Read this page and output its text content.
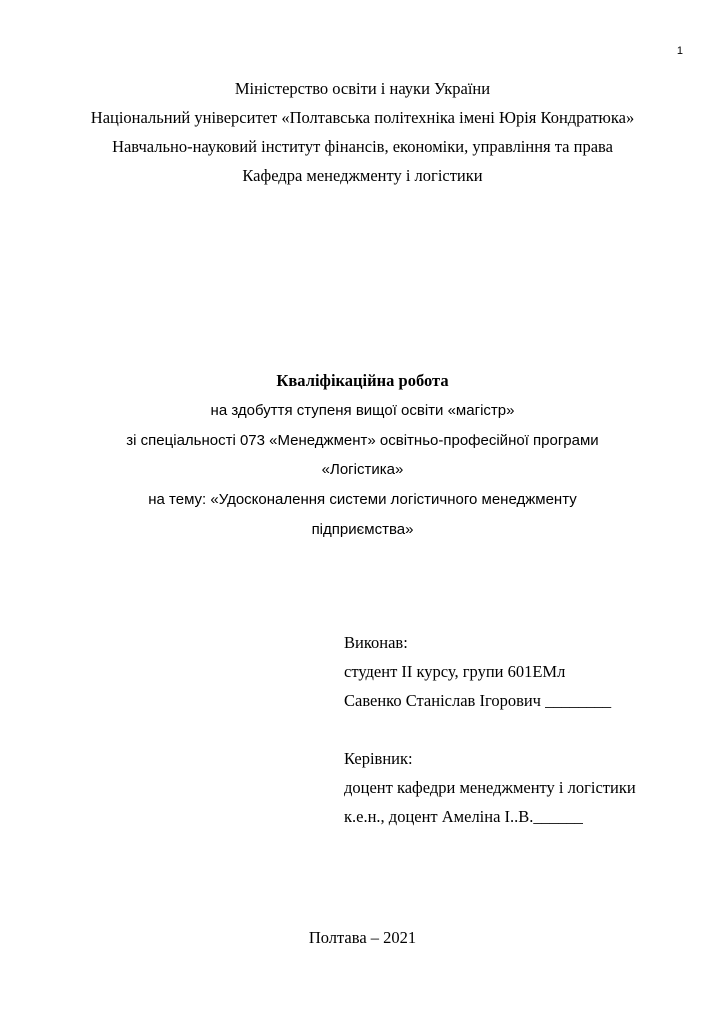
1
Міністерство освіти і науки України
Національний університет «Полтавська політехніка імені Юрія Кондратюка»
Навчально-науковий інститут фінансів, економіки, управління та права
Кафедра менеджменту і логістики
Кваліфікаційна робота
на здобуття ступеня вищої освіти «магістр»
зі спеціальності 073 «Менеджмент» освітньо-професійної програми
«Логістика»
на тему: «Удосконалення системи логістичного менеджменту
підприємства»
Виконав:
студент ІІ курсу, групи 601ЕМл
Савенко Станіслав Ігорович ________
Керівник:
доцент кафедри менеджменту і логістики
к.е.н., доцент Амеліна І..В.______
Полтава – 2021
